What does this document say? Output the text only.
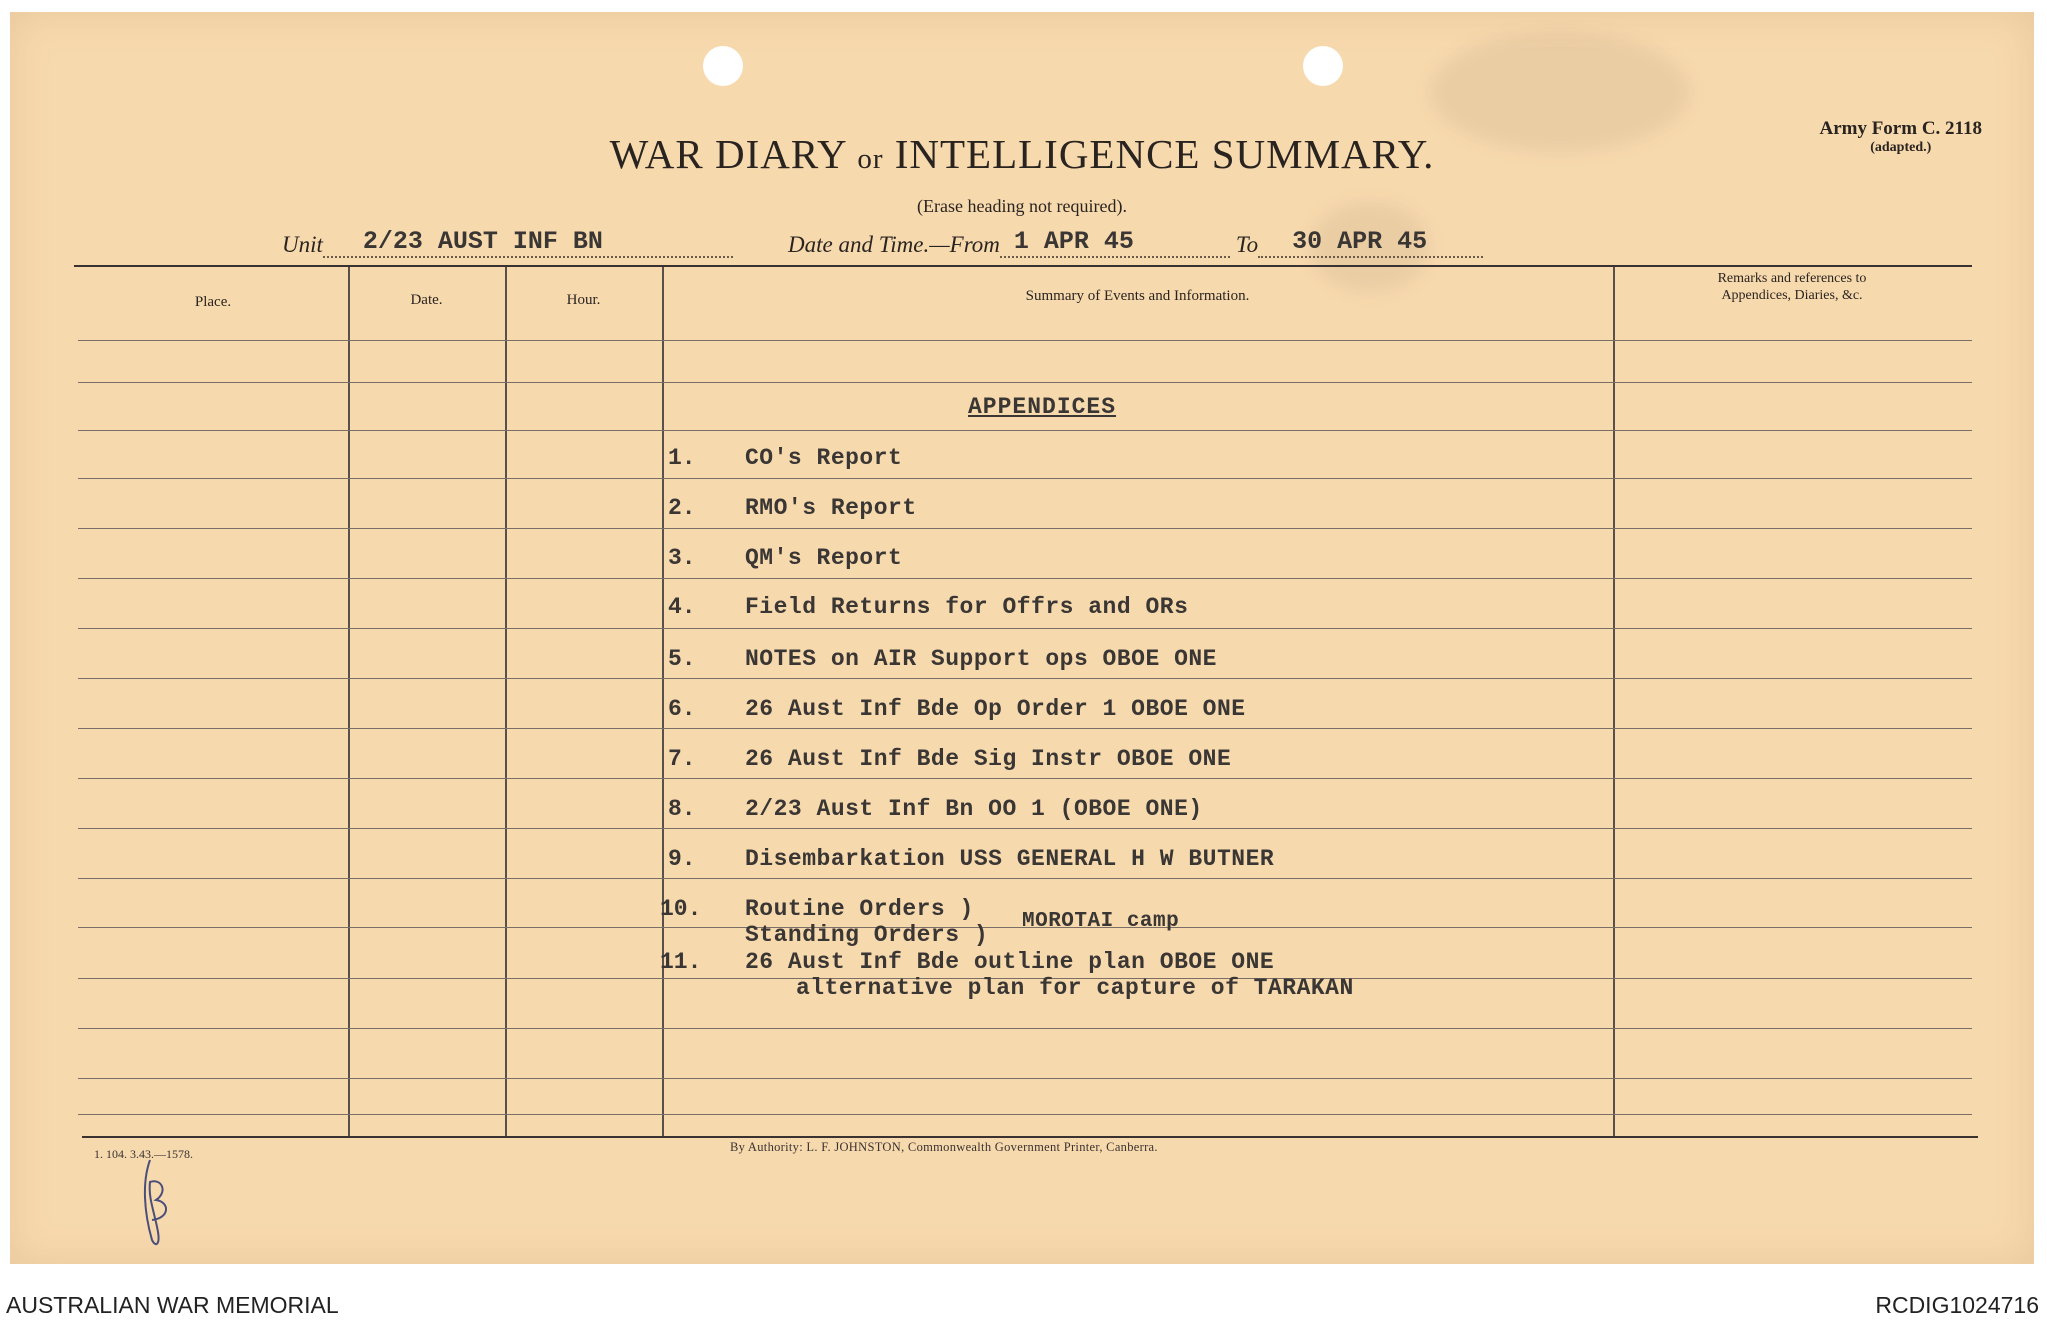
WAR DIARY or INTELLIGENCE SUMMARY.
(Erase heading not required).
Army Form C. 2118
(adapted.)
Unit 2/23 AUST INF BN	Date and Time.—From 1 APR 45	To 30 APR 45
Place.	Date.	Hour.	Summary of Events and Information.
Remarks and references to
Appendices, Diaries, &c.
APPENDICES
1. CO's Report
2. RMO's Report
3. QM's Report
4. Field Returns for Offrs and ORs
5. NOTES on AIR Support ops OBOE ONE
6. 26 Aust Inf Bde Op Order 1 OBOE ONE
7. 26 Aust Inf Bde Sig Instr OBOE ONE
8. 2/23 Aust Inf Bn OO 1 (OBOE ONE)
9. Disembarkation USS GENERAL H W BUTNER
10. Routine Orders )
Standing Orders )
MOROTAI camp
11. 26 Aust Inf Bde outline plan OBOE ONE
alternative plan for capture of TARAKAN
1. 104. 3.43.—1578.	By Authority: L. F. JOHNSTON, Commonwealth Government Printer, Canberra.
AUSTRALIAN WAR MEMORIAL	RCDIG1024716
